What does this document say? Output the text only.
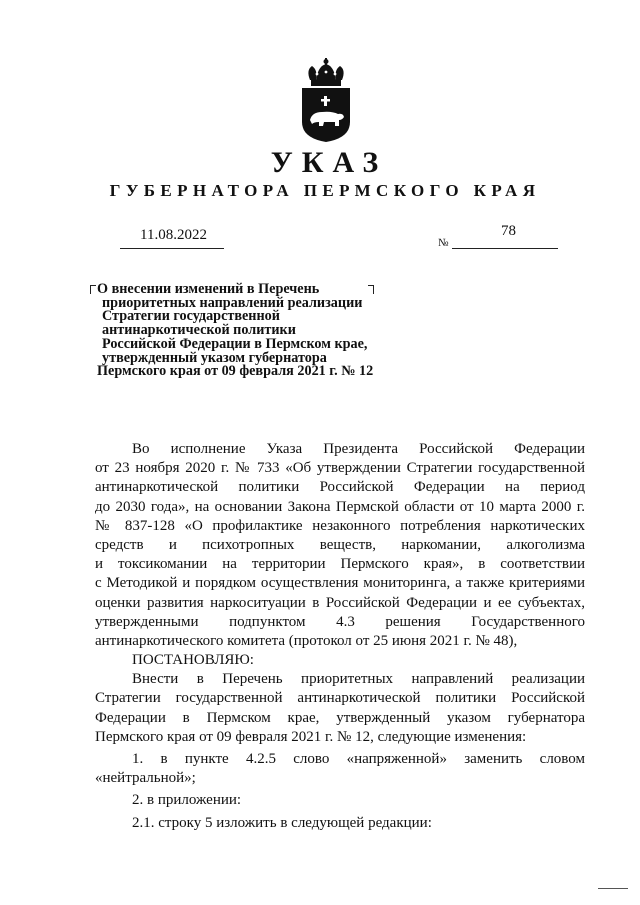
УКАЗ
ГУБЕРНАТОРА ПЕРМСКОГО КРАЯ
11.08.2022	№
78
О внесении изменений в Перечень
приоритетных направлений реализации
Стратегии государственной
антинаркотической политики
Российской Федерации в Пермском крае,
утвержденный указом губернатора
Пермского края от 09 февраля 2021 г. № 12
Во исполнение Указа Президента Российской Федерации
от 23 ноября 2020 г. № 733 «Об утверждении Стратегии государственной
антинаркотической политики Российской Федерации на период
до 2030 года», на основании Закона Пермской области от 10 марта 2000 г.
№ 837-128 «О профилактике незаконного потребления наркотических
средств и психотропных веществ, наркомании, алкоголизма
и токсикомании на территории Пермского края», в соответствии
с Методикой и порядком осуществления мониторинга, а также критериями
оценки развития наркоситуации в Российской Федерации и ее субъектах,
утвержденными подпунктом 4.3 решения Государственного
антинаркотического комитета (протокол от 25 июня 2021 г. № 48),
ПОСТАНОВЛЯЮ:
Внести в Перечень приоритетных направлений реализации
Стратегии государственной антинаркотической политики Российской
Федерации в Пермском крае, утвержденный указом губернатора
Пермского края от 09 февраля 2021 г. № 12, следующие изменения:
1. в пункте 4.2.5 слово «напряженной» заменить словом
«нейтральной»;
2. в приложении:
2.1. строку 5 изложить в следующей редакции:
